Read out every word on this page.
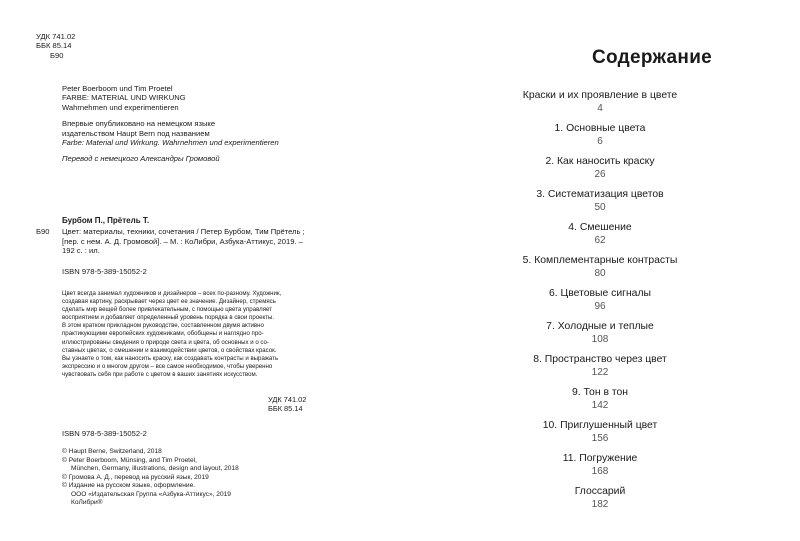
УДК 741.02
ББК 85.14
Б90
Peter Boerboom und Tim Proetel
FARBE: MATERIAL UND WIRKUNG
Wahrnehmen und experimentieren
Впервые опубликовано на немецком языке
издательством Haupt Bern под названием
Farbe: Material und Wirkung. Wahrnehmen und experimentieren
Перевод с немецкого Александры Громовой
Б90
Бурбом П., Прётель Т.
Цвет: материалы, техники, сочетания / Петер Бурбом, Тим Прётель ;
[пер. с нем. А. Д. Громовой]. – М. : КоЛибри, Азбука-Аттикус, 2019. –
192 с. : ил.
ISBN 978-5-389-15052-2
Цвет всегда занимал художников и дизайнеров – всех по-разному. Художник,
создавая картину, раскрывает через цвет ее значение. Дизайнер, стремясь
сделать мир вещей более привлекательным, с помощью цвета управляет
восприятием и добавляет определенный уровень порядка в свои проекты.
В этом кратком прикладном руководстве, составленном двумя активно
практикующими европейских художниками, обобщены и наглядно про-
иллюстрированы сведения о природе света и цвета, об основных и о со-
ставных цветах, о смешении и взаимодействии цветов, о свойствах красок.
Вы узнаете о том, как наносить краску, как создавать контрасты и выражать
экспрессию и о многом другом – все самое необходимое, чтобы уверенно
чувствовать себя при работе с цветом в ваших занятиях искусством.
УДК 741.02
ББК 85.14
ISBN 978-5-389-15052-2
© Haupt Berne, Switzerland, 2018
© Peter Boerboom, Münsing, and Tim Proetel,
München, Germany, illustrations, design and layout, 2018
© Громова А. Д., перевод на русский язык, 2019
© Издание на русском языке, оформление.
ООО «Издательская Группа «Азбука-Аттикус», 2019
КоЛибри®
Содержание
Краски и их проявление в цвете
4
1. Основные цвета
6
2. Как наносить краску
26
3. Систематизация цветов
50
4. Смешение
62
5. Комплементарные контрасты
80
6. Цветовые сигналы
96
7. Холодные и теплые
108
8. Пространство через цвет
122
9. Тон в тон
142
10. Приглушенный цвет
156
11. Погружение
168
Глоссарий
182
